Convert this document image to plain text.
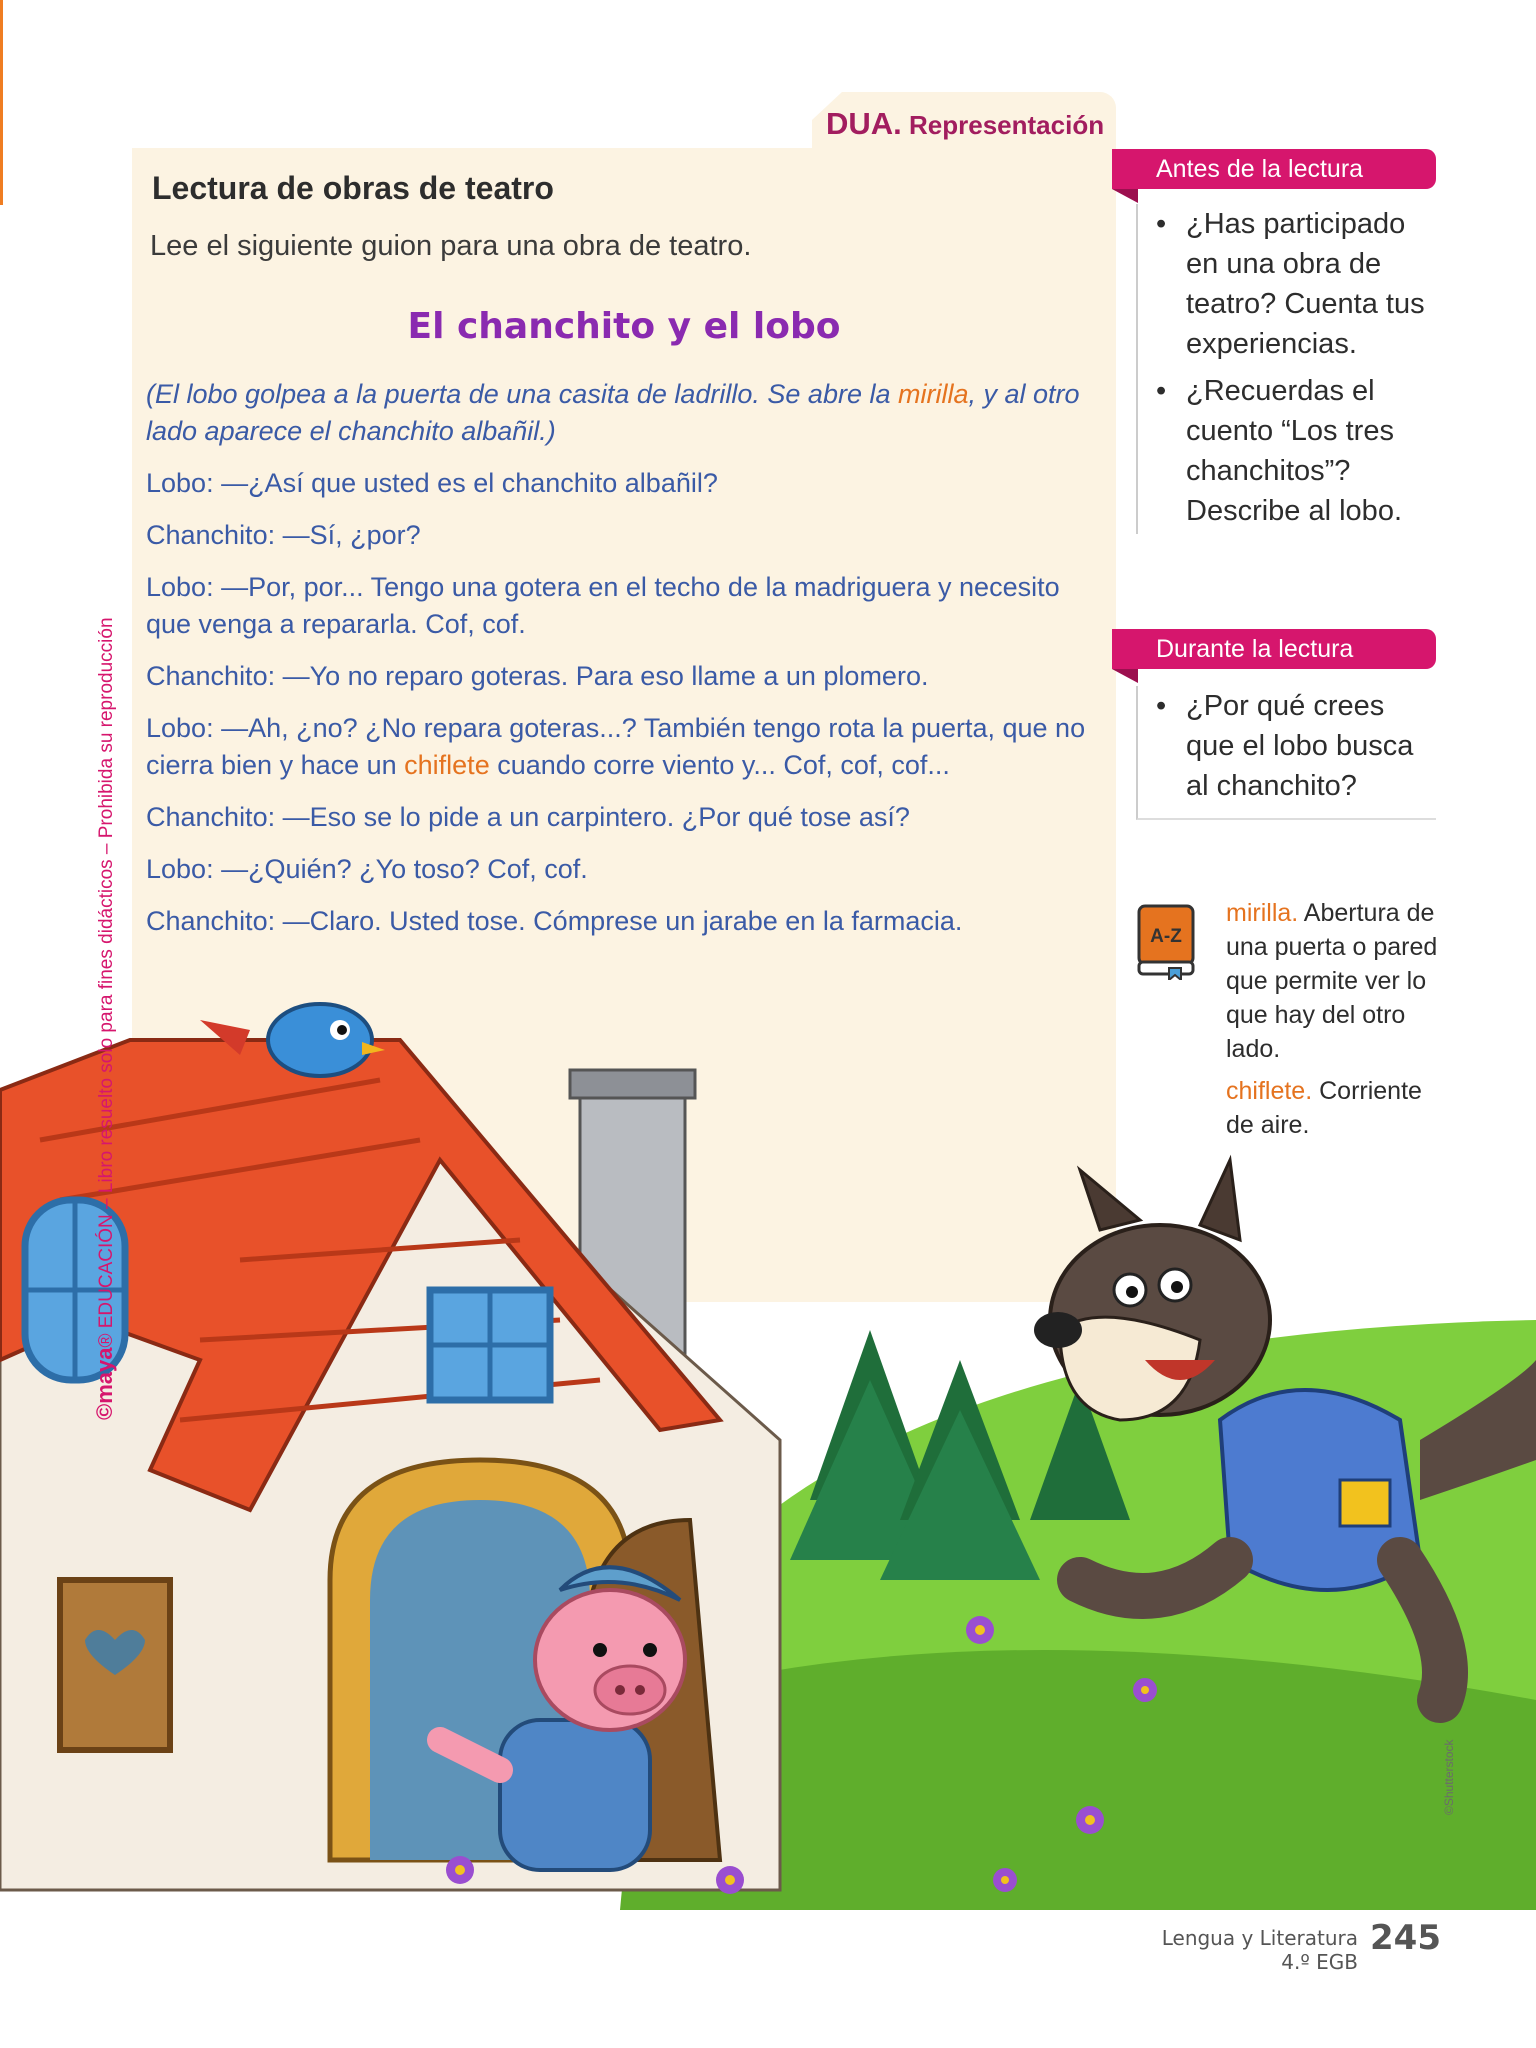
DUA. Representación
Lectura de obras de teatro

Lee el siguiente guion para una obra de teatro.

El chanchito y el lobo

(El lobo golpea a la puerta de una casita de ladrillo. Se abre la mirilla, y al otro lado aparece el chanchito albañil.)

Lobo: —¿Así que usted es el chanchito albañil?

Chanchito: —Sí, ¿por?

Lobo: —Por, por... Tengo una gotera en el techo de la madriguera y necesito que venga a repararla. Cof, cof.

Chanchito: —Yo no reparo goteras. Para eso llame a un plomero.

Lobo: —Ah, ¿no? ¿No repara goteras...? También tengo rota la puerta, que no cierra bien y hace un chiflete cuando corre viento y... Cof, cof, cof...

Chanchito: —Eso se lo pide a un carpintero. ¿Por qué tose así?

Lobo: —¿Quién? ¿Yo toso? Cof, cof.

Chanchito: —Claro. Usted tose. Cómprese un jarabe en la farmacia.

Antes de la lectura
• ¿Has participado en una obra de teatro? Cuenta tus experiencias.
• ¿Recuerdas el cuento “Los tres chanchitos”? Describe al lobo.
Durante la lectura
• ¿Por qué crees que el lobo busca al chanchito?
A-Z

mirilla. Abertura de una puerta o pared que permite ver lo que hay del otro lado.

chiflete. Corriente de aire.

©Shutterstock
©maya® EDUCACIÓN – Libro resuelto solo para fines didácticos – Prohibida su reproducción
Lengua y Literatura
4.º EGB
245
